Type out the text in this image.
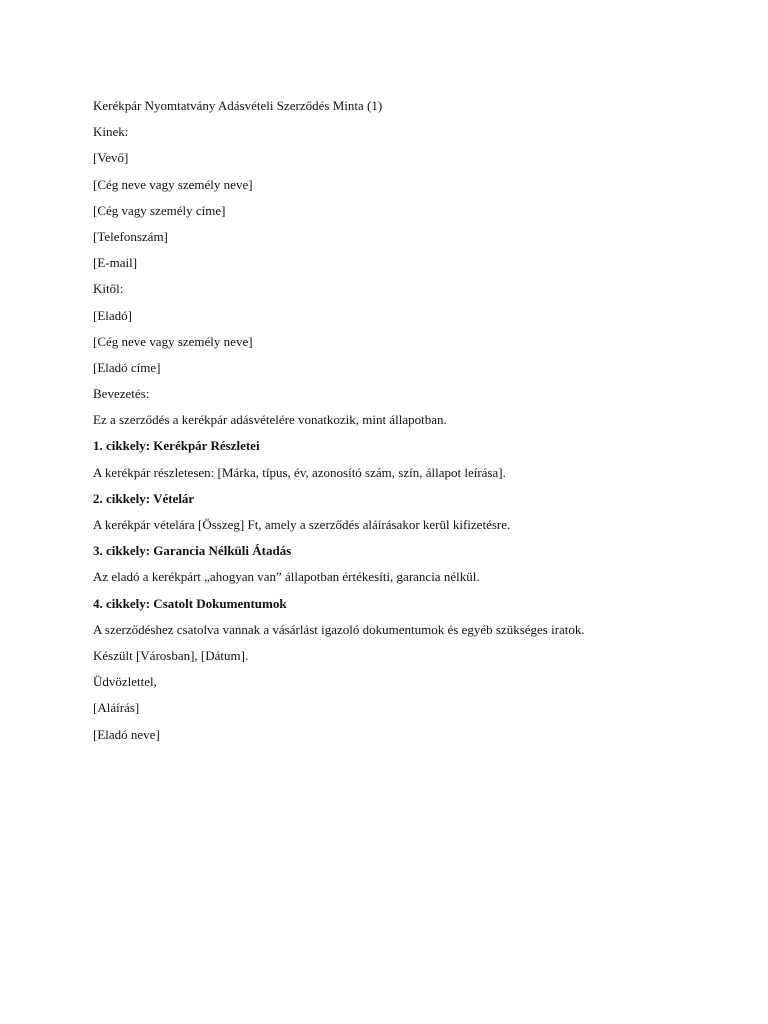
Kerékpár Nyomtatvány Adásvételi Szerződés Minta (1)

Kinek:

[Vevő]

[Cég neve vagy személy neve]

[Cég vagy személy címe]

[Telefonszám]

[E-mail]

Kitől:

[Eladó]

[Cég neve vagy személy neve]

[Eladó címe]

Bevezetés:

Ez a szerződés a kerékpár adásvételére vonatkozik, mint állapotban.

1. cikkely: Kerékpár Részletei

A kerékpár részletesen: [Márka, típus, év, azonosító szám, szín, állapot leírása].

2. cikkely: Vételár

A kerékpár vételára [Összeg] Ft, amely a szerződés aláírásakor kerül kifizetésre.

3. cikkely: Garancia Nélküli Átadás

Az eladó a kerékpárt „ahogyan van” állapotban értékesíti, garancia nélkül.

4. cikkely: Csatolt Dokumentumok

A szerződéshez csatolva vannak a vásárlást igazoló dokumentumok és egyéb szükséges iratok.

Készült [Városban], [Dátum].

Üdvözlettel,

[Aláírás]

[Eladó neve]
